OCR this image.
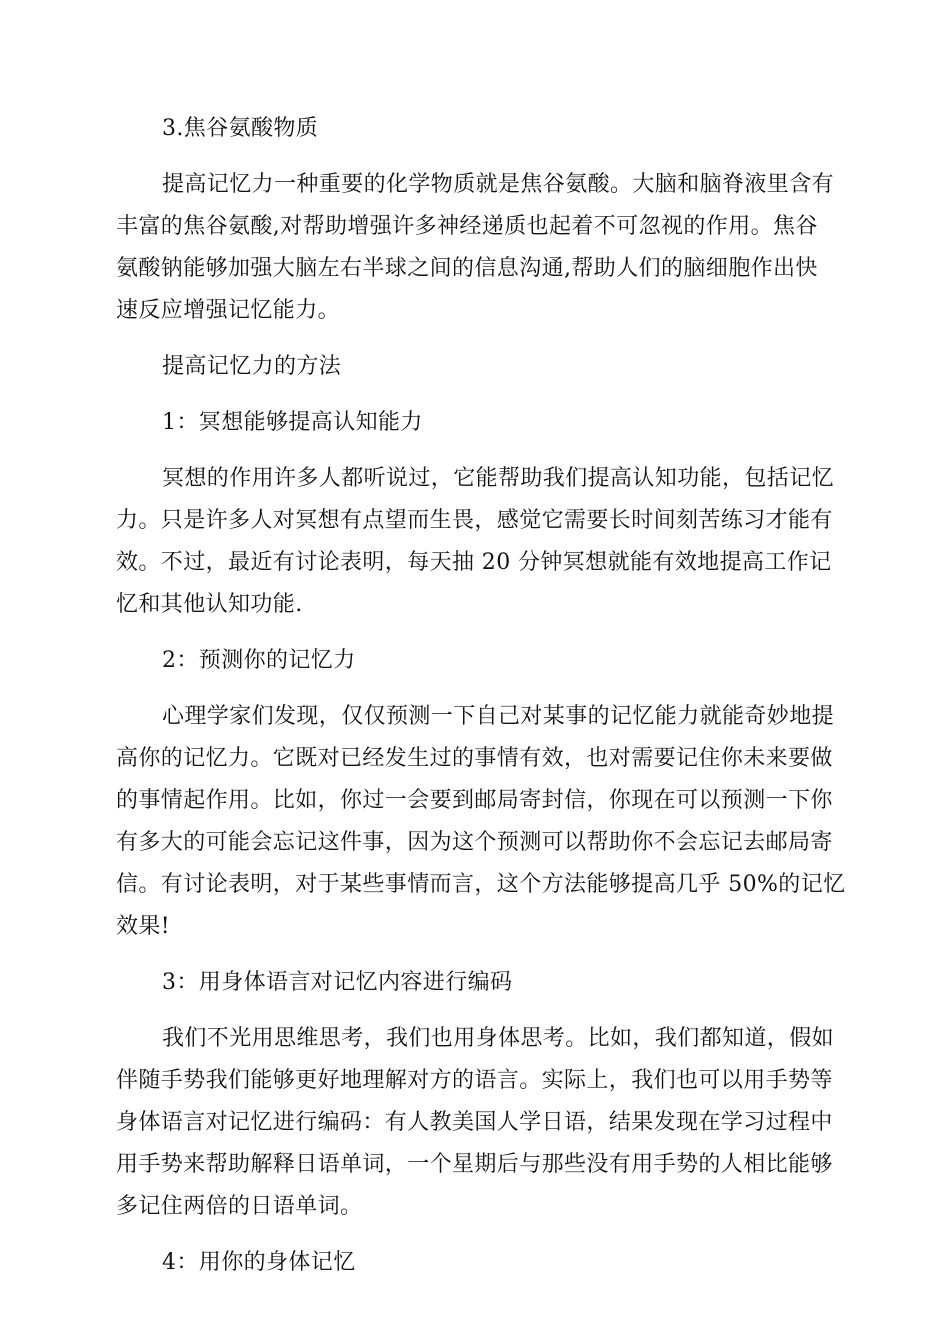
3.焦谷氨酸物质

提高记忆力一种重要的化学物质就是焦谷氨酸。大脑和脑脊液里含有

丰富的焦谷氨酸,对帮助增强许多神经递质也起着不可忽视的作用。焦谷

氨酸钠能够加强大脑左右半球之间的信息沟通,帮助人们的脑细胞作出快

速反应增强记忆能力。

提高记忆力的方法

1：冥想能够提高认知能力

冥想的作用许多人都听说过，它能帮助我们提高认知功能，包括记忆

力。只是许多人对冥想有点望而生畏，感觉它需要长时间刻苦练习才能有

效。不过，最近有讨论表明，每天抽 20 分钟冥想就能有效地提高工作记

忆和其他认知功能.

2：预测你的记忆力

心理学家们发现，仅仅预测一下自己对某事的记忆能力就能奇妙地提

高你的记忆力。它既对已经发生过的事情有效，也对需要记住你未来要做

的事情起作用。比如，你过一会要到邮局寄封信，你现在可以预测一下你

有多大的可能会忘记这件事，因为这个预测可以帮助你不会忘记去邮局寄

信。有讨论表明，对于某些事情而言，这个方法能够提高几乎 50%的记忆

效果!

3：用身体语言对记忆内容进行编码

我们不光用思维思考，我们也用身体思考。比如，我们都知道，假如

伴随手势我们能够更好地理解对方的语言。实际上，我们也可以用手势等

身体语言对记忆进行编码：有人教美国人学日语，结果发现在学习过程中

用手势来帮助解释日语单词，一个星期后与那些没有用手势的人相比能够

多记住两倍的日语单词。

4：用你的身体记忆
